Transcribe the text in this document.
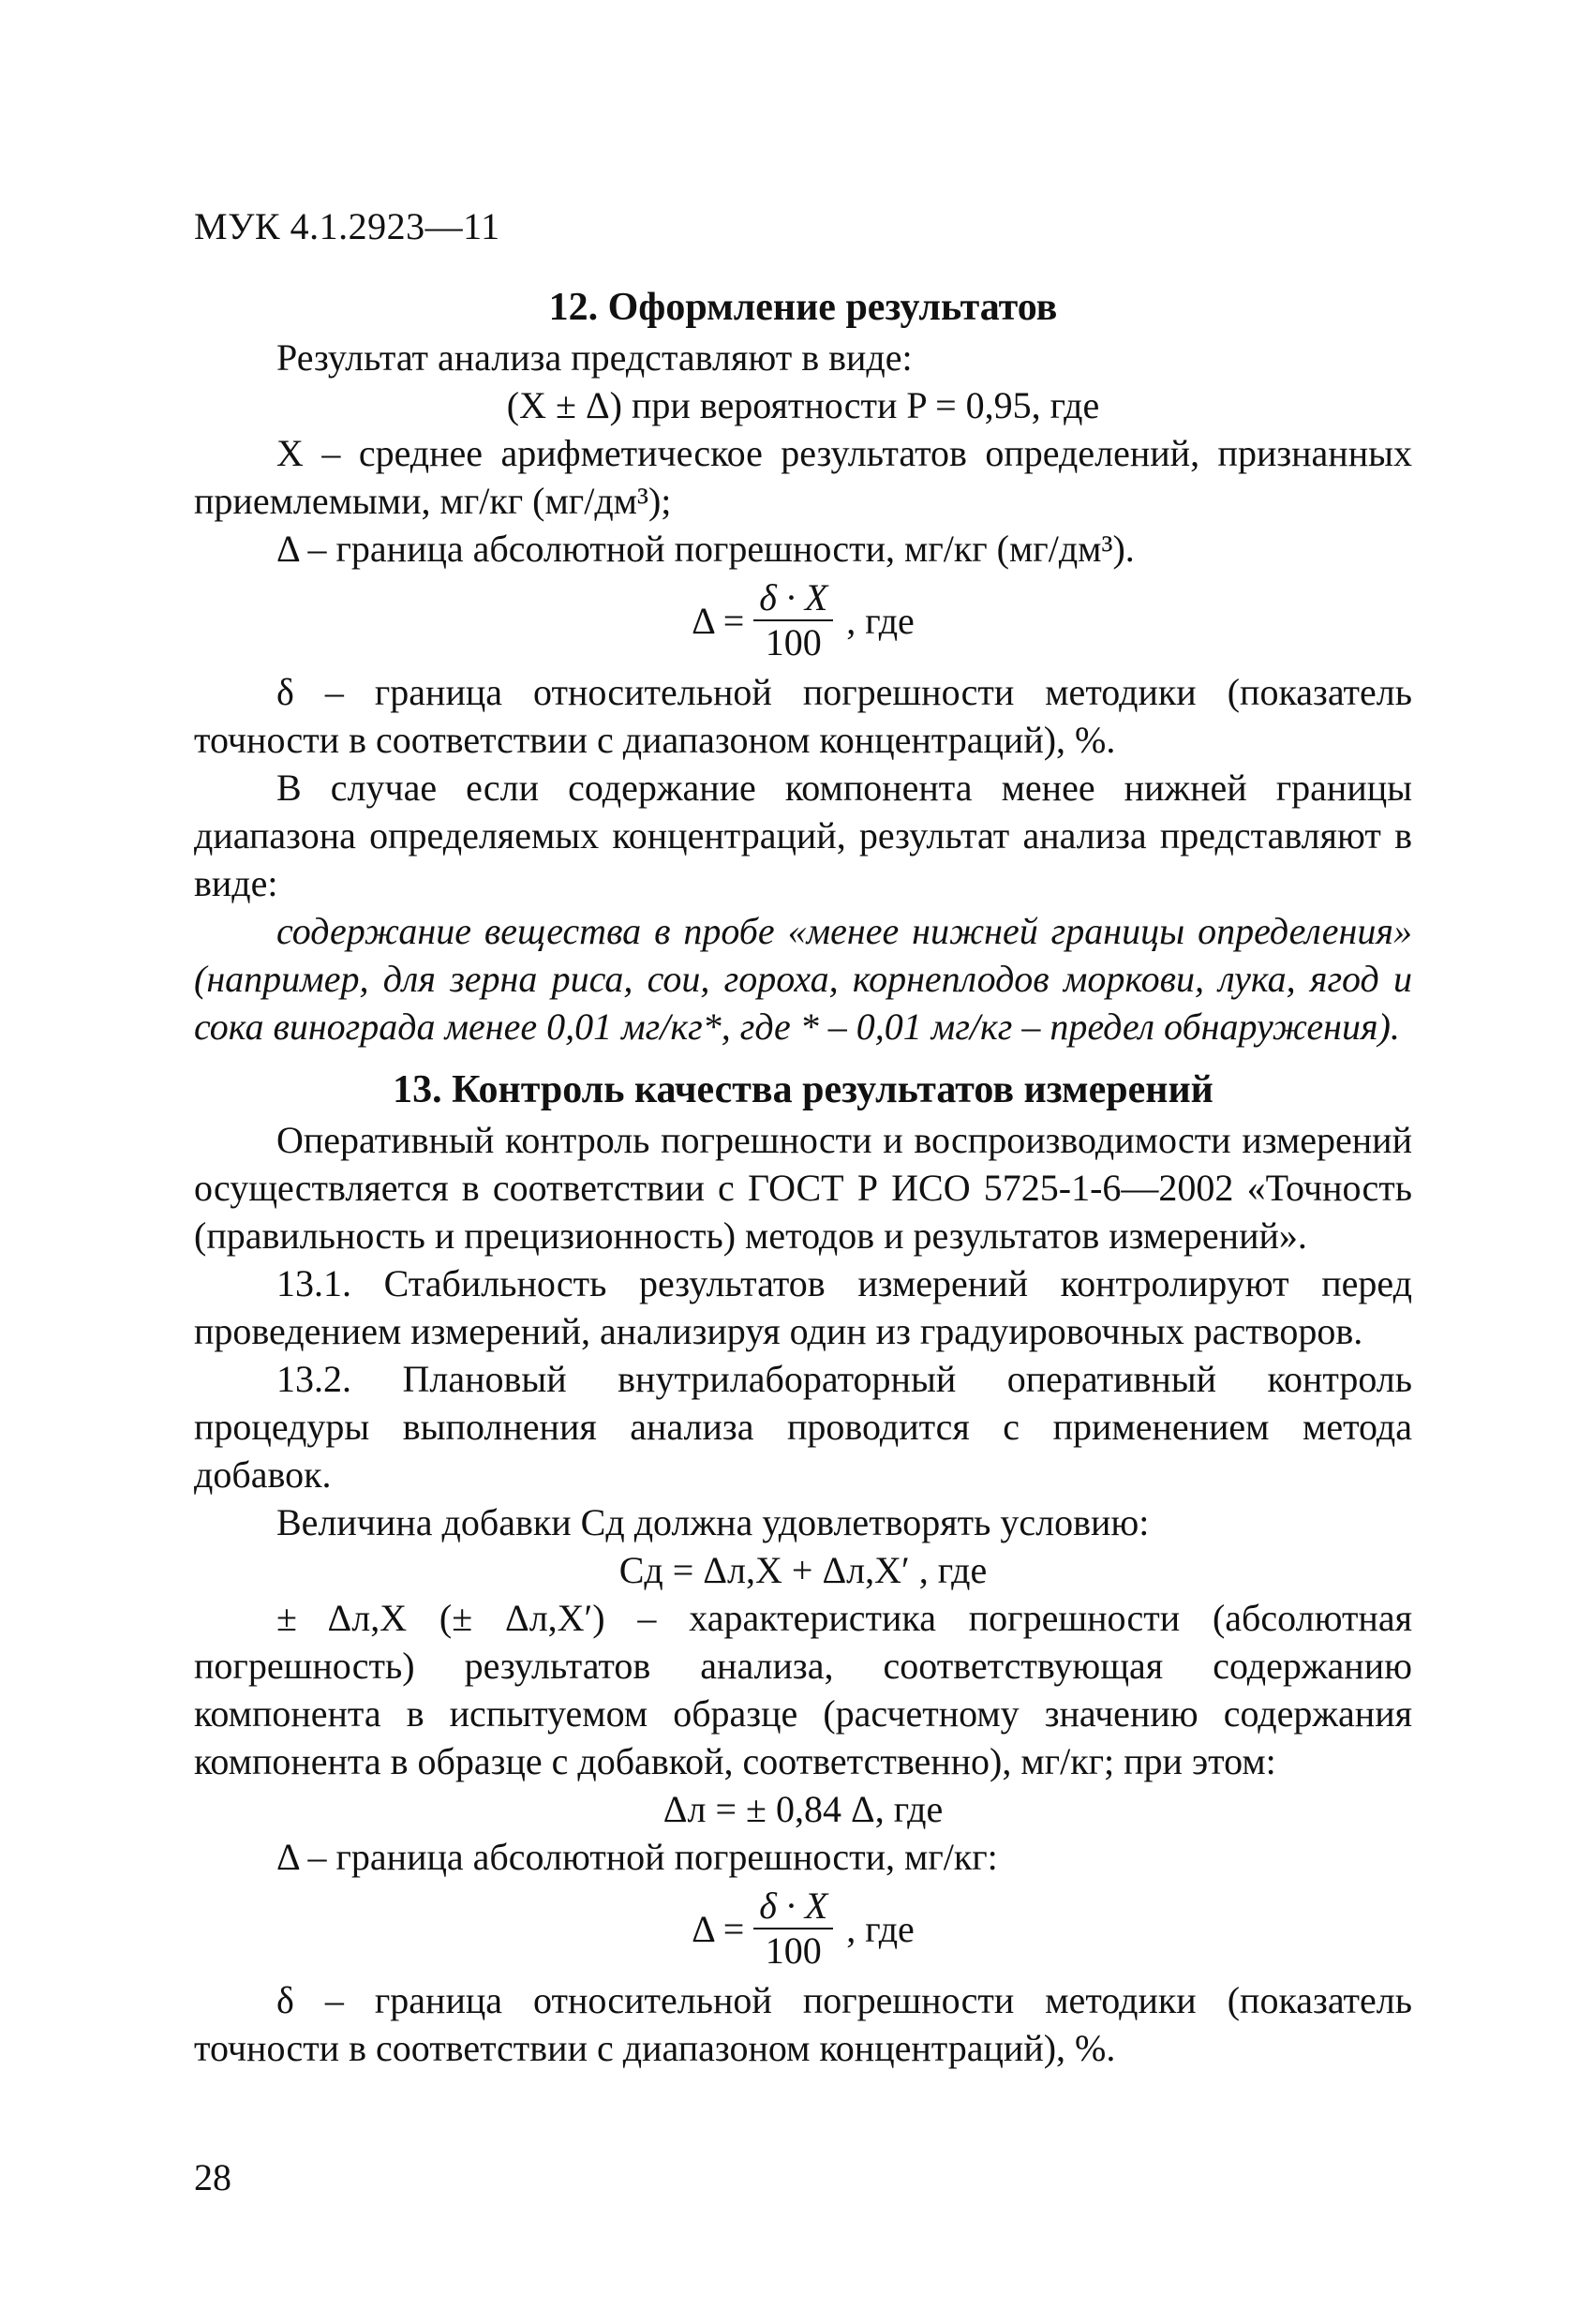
МУК 4.1.2923—11
12. Оформление результатов

Результат анализа представляют в виде:

(X ± Δ) при вероятности P = 0,95, где

X – среднее арифметическое результатов определений, признанных приемлемыми, мг/кг (мг/дм³);

Δ – граница абсолютной погрешности, мг/кг (мг/дм³).

$\Delta = \frac{\delta \cdot X}{100}$ , где

δ – граница относительной погрешности методики (показатель точности в соответствии с диапазоном концентраций), %.

В случае если содержание компонента менее нижней границы диапазона определяемых концентраций, результат анализа представляют в виде:

содержание вещества в пробе «менее нижней границы определения» (например, для зерна риса, сои, гороха, корнеплодов моркови, лука, ягод и сока винограда менее 0,01 мг/кг*, где * – 0,01 мг/кг – предел обнаружения).

13. Контроль качества результатов измерений

Оперативный контроль погрешности и воспроизводимости измерений осуществляется в соответствии с ГОСТ Р ИСО 5725-1-6—2002 «Точность (правильность и прецизионность) методов и результатов измерений».

13.1. Стабильность результатов измерений контролируют перед проведением измерений, анализируя один из градуировочных растворов.

13.2. Плановый внутрилабораторный оперативный контроль процедуры выполнения анализа проводится с применением метода добавок.

Величина добавки Сд должна удовлетворять условию:

Сд = Δл,X + Δл,X′ , где

± Δл,X (± Δл,X′) – характеристика погрешности (абсолютная погрешность) результатов анализа, соответствующая содержанию компонента в испытуемом образце (расчетному значению содержания компонента в образце с добавкой, соответственно), мг/кг; при этом:

Δл = ± 0,84 Δ, где

Δ – граница абсолютной погрешности, мг/кг:

$\Delta = \frac{\delta \cdot X}{100}$ , где

δ – граница относительной погрешности методики (показатель точности в соответствии с диапазоном концентраций), %.

28
